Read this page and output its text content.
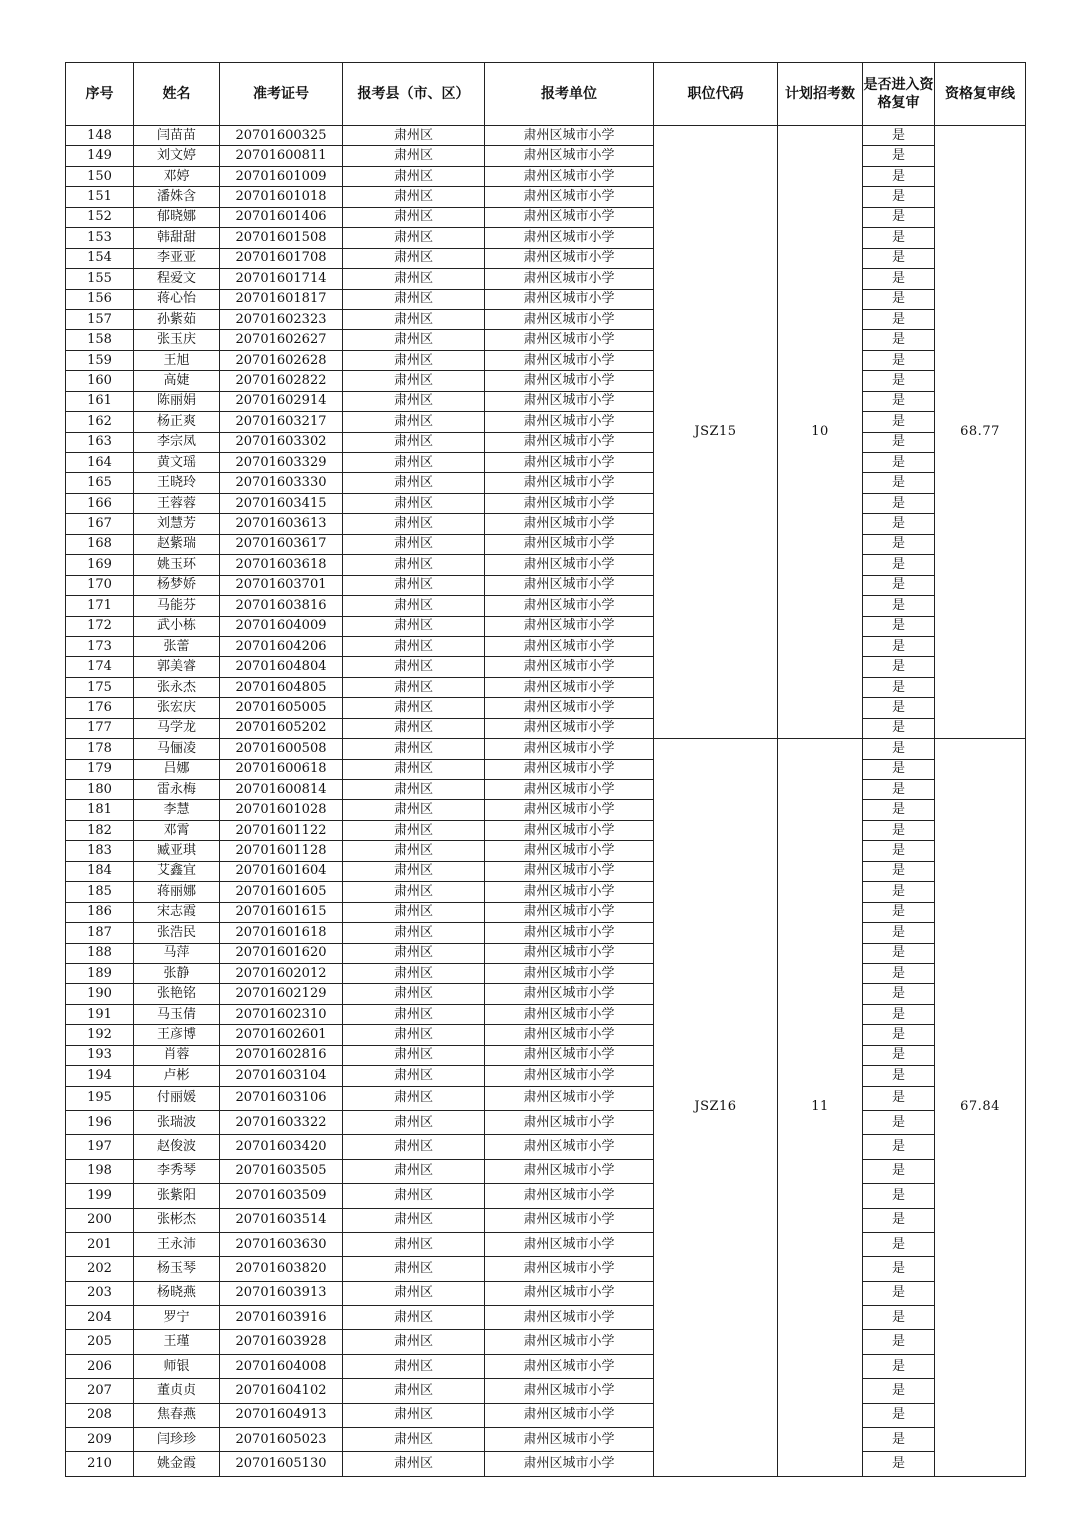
序号	姓名	准考证号	报考县（市、区）	报考单位	职位代码	计划招考数	是否进入资格复审	资格复审线
148	闫苗苗	20701600325	肃州区	肃州区城市小学	JSZ15	10	是	68.77
149	刘文婷	20701600811	肃州区	肃州区城市小学			是	
150	邓婷	20701601009	肃州区	肃州区城市小学			是	
151	潘姝含	20701601018	肃州区	肃州区城市小学			是	
152	郁晓娜	20701601406	肃州区	肃州区城市小学			是	
153	韩甜甜	20701601508	肃州区	肃州区城市小学			是	
154	李亚亚	20701601708	肃州区	肃州区城市小学			是	
155	程爱文	20701601714	肃州区	肃州区城市小学			是	
156	蒋心怡	20701601817	肃州区	肃州区城市小学			是	
157	孙紫茹	20701602323	肃州区	肃州区城市小学			是	
158	张玉庆	20701602627	肃州区	肃州区城市小学			是	
159	王旭	20701602628	肃州区	肃州区城市小学			是	
160	高婕	20701602822	肃州区	肃州区城市小学			是	
161	陈丽娟	20701602914	肃州区	肃州区城市小学			是	
162	杨正爽	20701603217	肃州区	肃州区城市小学			是	
163	李宗凤	20701603302	肃州区	肃州区城市小学			是	
164	黄文瑶	20701603329	肃州区	肃州区城市小学			是	
165	王晓玲	20701603330	肃州区	肃州区城市小学			是	
166	王蓉蓉	20701603415	肃州区	肃州区城市小学			是	
167	刘慧芳	20701603613	肃州区	肃州区城市小学			是	
168	赵紫瑞	20701603617	肃州区	肃州区城市小学			是	
169	姚玉环	20701603618	肃州区	肃州区城市小学			是	
170	杨梦娇	20701603701	肃州区	肃州区城市小学			是	
171	马能芬	20701603816	肃州区	肃州区城市小学			是	
172	武小栋	20701604009	肃州区	肃州区城市小学			是	
173	张蕾	20701604206	肃州区	肃州区城市小学			是	
174	郭美睿	20701604804	肃州区	肃州区城市小学			是	
175	张永杰	20701604805	肃州区	肃州区城市小学			是	
176	张宏庆	20701605005	肃州区	肃州区城市小学			是	
177	马学龙	20701605202	肃州区	肃州区城市小学			是	
178	马俪凌	20701600508	肃州区	肃州区城市小学	JSZ16	11	是	67.84
179	吕娜	20701600618	肃州区	肃州区城市小学			是	
180	雷永梅	20701600814	肃州区	肃州区城市小学			是	
181	李慧	20701601028	肃州区	肃州区城市小学			是	
182	邓霄	20701601122	肃州区	肃州区城市小学			是	
183	臧亚琪	20701601128	肃州区	肃州区城市小学			是	
184	艾鑫宜	20701601604	肃州区	肃州区城市小学			是	
185	蒋丽娜	20701601605	肃州区	肃州区城市小学			是	
186	宋志霞	20701601615	肃州区	肃州区城市小学			是	
187	张浩民	20701601618	肃州区	肃州区城市小学			是	
188	马萍	20701601620	肃州区	肃州区城市小学			是	
189	张静	20701602012	肃州区	肃州区城市小学			是	
190	张艳铭	20701602129	肃州区	肃州区城市小学			是	
191	马玉倩	20701602310	肃州区	肃州区城市小学			是	
192	王彦博	20701602601	肃州区	肃州区城市小学			是	
193	肖蓉	20701602816	肃州区	肃州区城市小学			是	
194	卢彬	20701603104	肃州区	肃州区城市小学			是	
195	付丽媛	20701603106	肃州区	肃州区城市小学			是	
196	张瑞波	20701603322	肃州区	肃州区城市小学			是	
197	赵俊波	20701603420	肃州区	肃州区城市小学			是	
198	李秀琴	20701603505	肃州区	肃州区城市小学			是	
199	张紫阳	20701603509	肃州区	肃州区城市小学			是	
200	张彬杰	20701603514	肃州区	肃州区城市小学			是	
201	王永沛	20701603630	肃州区	肃州区城市小学			是	
202	杨玉琴	20701603820	肃州区	肃州区城市小学			是	
203	杨晓燕	20701603913	肃州区	肃州区城市小学			是	
204	罗宁	20701603916	肃州区	肃州区城市小学			是	
205	王瑾	20701603928	肃州区	肃州区城市小学			是	
206	师银	20701604008	肃州区	肃州区城市小学			是	
207	董贞贞	20701604102	肃州区	肃州区城市小学			是	
208	焦春燕	20701604913	肃州区	肃州区城市小学			是	
209	闫珍珍	20701605023	肃州区	肃州区城市小学			是	
210	姚金霞	20701605130	肃州区	肃州区城市小学			是	
